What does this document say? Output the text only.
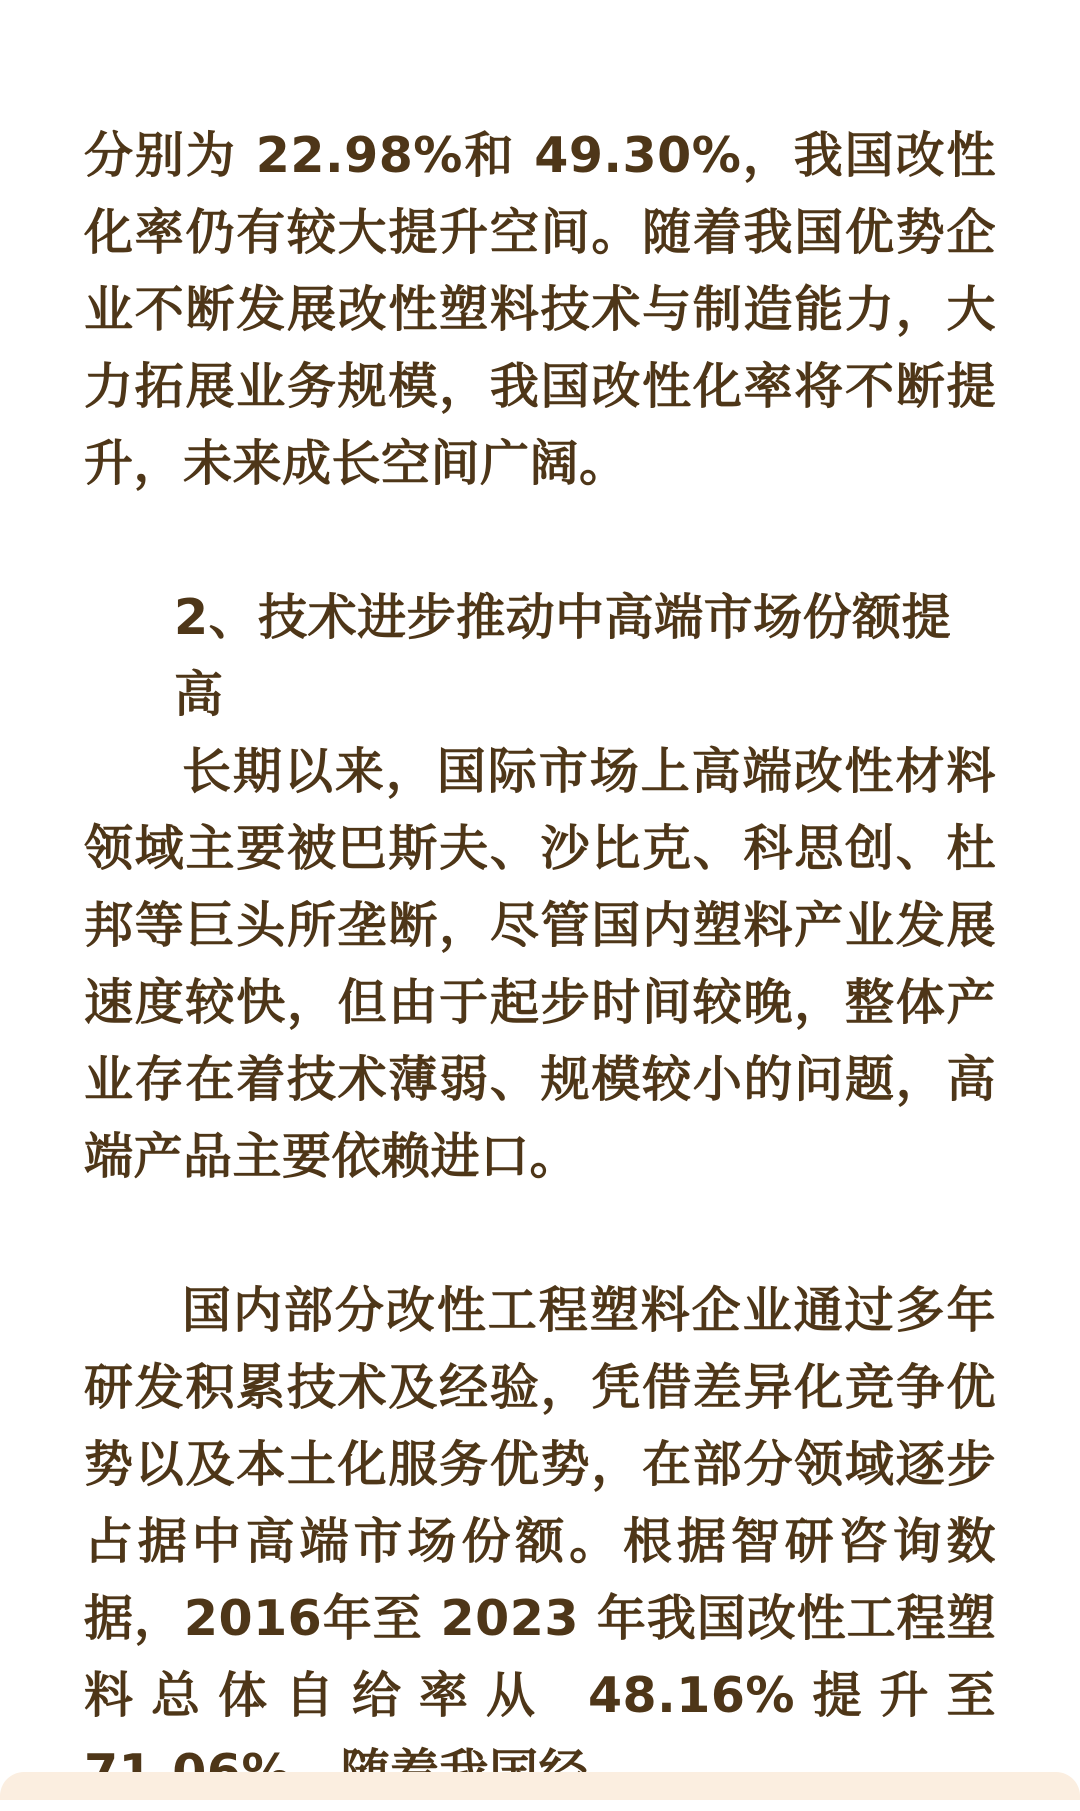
分别为 22.98%和 49.30%，我国改性化率仍有较大提升空间。随着我国优势企业不断发展改性塑料技术与制造能力，大力拓展业务规模，我国改性化率将不断提升，未来成长空间广阔。

2、技术进步推动中高端市场份额提高

长期以来，国际市场上高端改性材料领域主要被巴斯夫、沙比克、科思创、杜邦等巨头所垄断，尽管国内塑料产业发展速度较快，但由于起步时间较晚，整体产业存在着技术薄弱、规模较小的问题，高端产品主要依赖进口。

国内部分改性工程塑料企业通过多年研发积累技术及经验，凭借差异化竞争优势以及本土化服务优势，在部分领域逐步占据中高端市场份额。根据智研咨询数据，2016年至 2023 年我国改性工程塑料总体自给率从 48.16%提升至
